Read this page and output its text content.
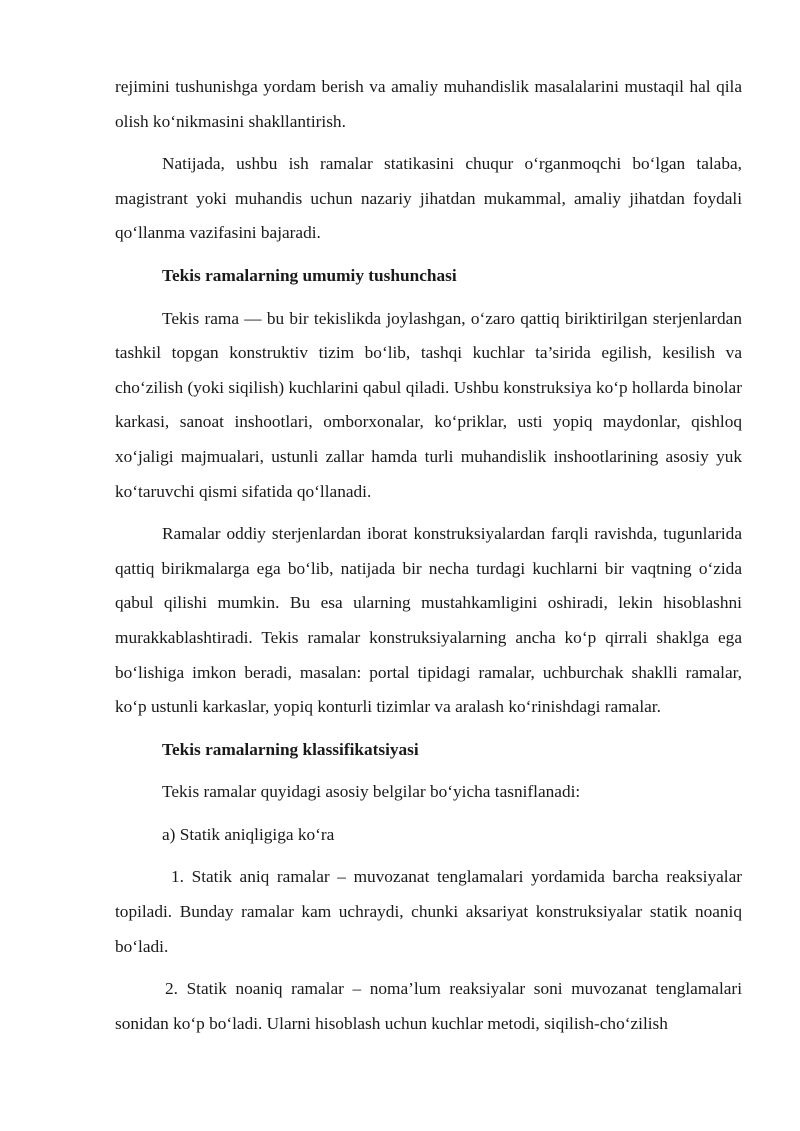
rejimini tushunishga yordam berish va amaliy muhandislik masalalarini mustaqil hal qila olish ko‘nikmasini shakllantirish.

Natijada, ushbu ish ramalar statikasini chuqur o‘rganmoqchi bo‘lgan talaba, magistrant yoki muhandis uchun nazariy jihatdan mukammal, amaliy jihatdan foydali qo‘llanma vazifasini bajaradi.

Tekis ramalarning umumiy tushunchasi

Tekis rama — bu bir tekislikda joylashgan, o‘zaro qattiq biriktirilgan sterjenlardan tashkil topgan konstruktiv tizim bo‘lib, tashqi kuchlar ta’sirida egilish, kesilish va cho‘zilish (yoki siqilish) kuchlarini qabul qiladi. Ushbu konstruksiya ko‘p hollarda binolar karkasi, sanoat inshootlari, omborxonalar, ko‘priklar, usti yopiq maydonlar, qishloq xo‘jaligi majmualari, ustunli zallar hamda turli muhandislik inshootlarining asosiy yuk ko‘taruvchi qismi sifatida qo‘llanadi.

Ramalar oddiy sterjenlardan iborat konstruksiyalardan farqli ravishda, tugunlarida qattiq birikmalarga ega bo‘lib, natijada bir necha turdagi kuchlarni bir vaqtning o‘zida qabul qilishi mumkin. Bu esa ularning mustahkamligini oshiradi, lekin hisoblashni murakkablashtiradi. Tekis ramalar konstruksiyalarning ancha ko‘p qirrali shaklga ega bo‘lishiga imkon beradi, masalan: portal tipidagi ramalar, uchburchak shaklli ramalar, ko‘p ustunli karkaslar, yopiq konturli tizimlar va aralash ko‘rinishdagi ramalar.

Tekis ramalarning klassifikatsiyasi

Tekis ramalar quyidagi asosiy belgilar bo‘yicha tasniflanadi:

a) Statik aniqligiga ko‘ra

1. Statik aniq ramalar – muvozanat tenglamalari yordamida barcha reaksiyalar topiladi. Bunday ramalar kam uchraydi, chunki aksariyat konstruksiyalar statik noaniq bo‘ladi.

2. Statik noaniq ramalar – noma’lum reaksiyalar soni muvozanat tenglamalari sonidan ko‘p bo‘ladi. Ularni hisoblash uchun kuchlar metodi, siqilish-cho‘zilish
